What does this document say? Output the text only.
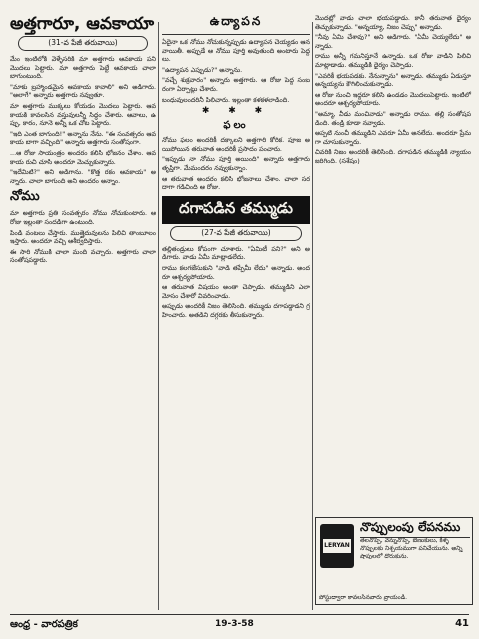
అత్తగారూ, ఆవకాయా
(31-వ పేజీ తరువాయి)

మేం ఇంటిలోకి వెళ్ళేసరికి మా అత్తగారు ఆవకాయ పని మొదలు పెట్టారు. మా అత్తగారు పెట్టే ఆవకాయ చాలా బాగుంటుంది.

"మాకు బ్రహ్మాండమైన ఆవకాయ కావాలి" అని అడిగారు. "అలాగే" అన్నారు అత్తగారు నవ్వుతూ.

మా అత్తగారు ముక్కలు కోయడం మొదలు పెట్టారు. ఆవకాయకి కావలసిన వస్తువులన్నీ సిద్ధం చేశారు. ఆవాలు, ఉప్పు, కారం, నూనె అన్నీ ఒక చోట పెట్టారు.

"ఇది ఎంత బాగుంది!" అన్నాను నేను. "ఈ సంవత్సరం ఆవకాయ బాగా వచ్చింది" అన్నారు అత్తగారు సంతోషంగా.

...ఆ రోజు సాయంత్రం అందరం కలిసి భోజనం చేశాం. ఆవకాయ రుచి చూసి అందరూ మెచ్చుకున్నారు.

"ఇదేమిటి?" అని అడిగాను. "కొత్త రకం ఆవకాయ" అన్నారు. చాలా బాగుంది అని అందరం అన్నాం.

నోము

మా అత్తగారు ప్రతి సంవత్సరం నోము నోచుకుంటారు. ఆ రోజు ఇల్లంతా సందడిగా ఉంటుంది.

పిండి వంటలు చేస్తారు. ముత్తైదువులను పిలిచి తాంబూలం ఇస్తారు. అందరూ వచ్చి ఆశీర్వదిస్తారు.

ఈ సారి నోముకి చాలా మంది వచ్చారు. అత్తగారు చాలా సంతోషపడ్డారు.

ఉద్యాపన

ఏదైనా ఒక నోము నోచుకున్నప్పుడు ఉద్యాపన చెయ్యడం ఆనవాయితీ. అప్పుడే ఆ నోము పూర్తి అవుతుంది అంటారు పెద్దలు.

"ఉద్యాపన ఎప్పుడు?" అన్నాను.

"వచ్చే శుక్రవారం" అన్నారు అత్తగారు. ఆ రోజు పెద్ద సంబరంగా ఏర్పాట్లు చేశారు.

బంధువులందరినీ పిలిచారు. ఇల్లంతా కళకళలాడింది.

✱ ✱ ✱
ఫలం

నోము ఫలం అందరికీ దక్కాలని అత్తగారి కోరిక. పూజ అయిపోయిన తరువాత అందరికీ ప్రసాదం పంచారు.

"ఇప్పుడు నా నోము పూర్తి అయింది" అన్నారు అత్తగారు తృప్తిగా. మేమందరం నవ్వుకున్నాం.

ఆ తరువాత అందరం కలిసి భోజనాలు చేశాం. చాలా సరదాగా గడిచింది ఆ రోజు.

దగాపడిన తమ్ముడు
(27-వ పేజీ తరువాయి)

తల్లితండ్రులు కోపంగా చూశారు. "ఏమిటీ పని?" అని అడిగారు. వాడు ఏమీ మాట్లాడలేదు.

రాము కలగజేసుకుని "వాడి తప్పేమీ లేదు" అన్నాడు. అందరూ ఆశ్చర్యపోయారు.

ఆ తరువాత విషయం అంతా చెప్పాడు. తమ్ముడిని ఎలా మోసం చేశారో వివరించాడు.

అప్పుడు అందరికీ నిజం తెలిసింది. తమ్ముడు దగాపడ్డాడని గ్రహించారు. అతడిని దగ్గరకు తీసుకున్నారు.

మొదట్లో వాడు చాలా భయపడ్డాడు. కానీ తరువాత ధైర్యం తెచ్చుకున్నాడు. "అన్నయ్యా, నిజం చెప్పు" అన్నాడు.

"నీవు ఏమి చేశావు?" అని అడిగారు. "ఏమీ చెయ్యలేదు" అన్నాడు.

రాము అన్నీ గమనిస్తూనే ఉన్నాడు. ఒక రోజు వాడిని పిలిచి మాట్లాడాడు. తమ్ముడికి ధైర్యం చెప్పాడు.

"ఎవరికీ భయపడకు. నేనున్నాను" అన్నాడు. తమ్ముడు ఏడుస్తూ అన్నయ్యను కౌగిలించుకున్నాడు.

ఆ రోజు నుంచి ఇద్దరూ కలిసి ఉండడం మొదలుపెట్టారు. ఇంటిలో అందరూ ఆశ్చర్యపోయారు.

"అమ్మా, వీడు మంచివాడు" అన్నాడు రాము. తల్లి సంతోషపడింది. తండ్రి కూడా నవ్వాడు.

అప్పటి నుంచీ తమ్ముడిని ఎవరూ ఏమీ అనలేదు. అందరూ ప్రేమగా చూసుకున్నారు.

చివరికి నిజం అందరికీ తెలిసింది. దగాపడిన తమ్ముడికి న్యాయం జరిగింది. (సశేషం)

LERYAN
నొప్పులంపు లేపనము
తలనొప్పి, వెన్నునొప్పి, బెణుకులు, కీళ్ళ నొప్పులకు నిశ్చయముగా పనిచేయును. అన్ని షాపులలో దొరుకును.
పోస్టుద్వారా కావలసినవారు వ్రాయండి.
ఆంధ్ర - వారపత్రిక	19-3-58	41
